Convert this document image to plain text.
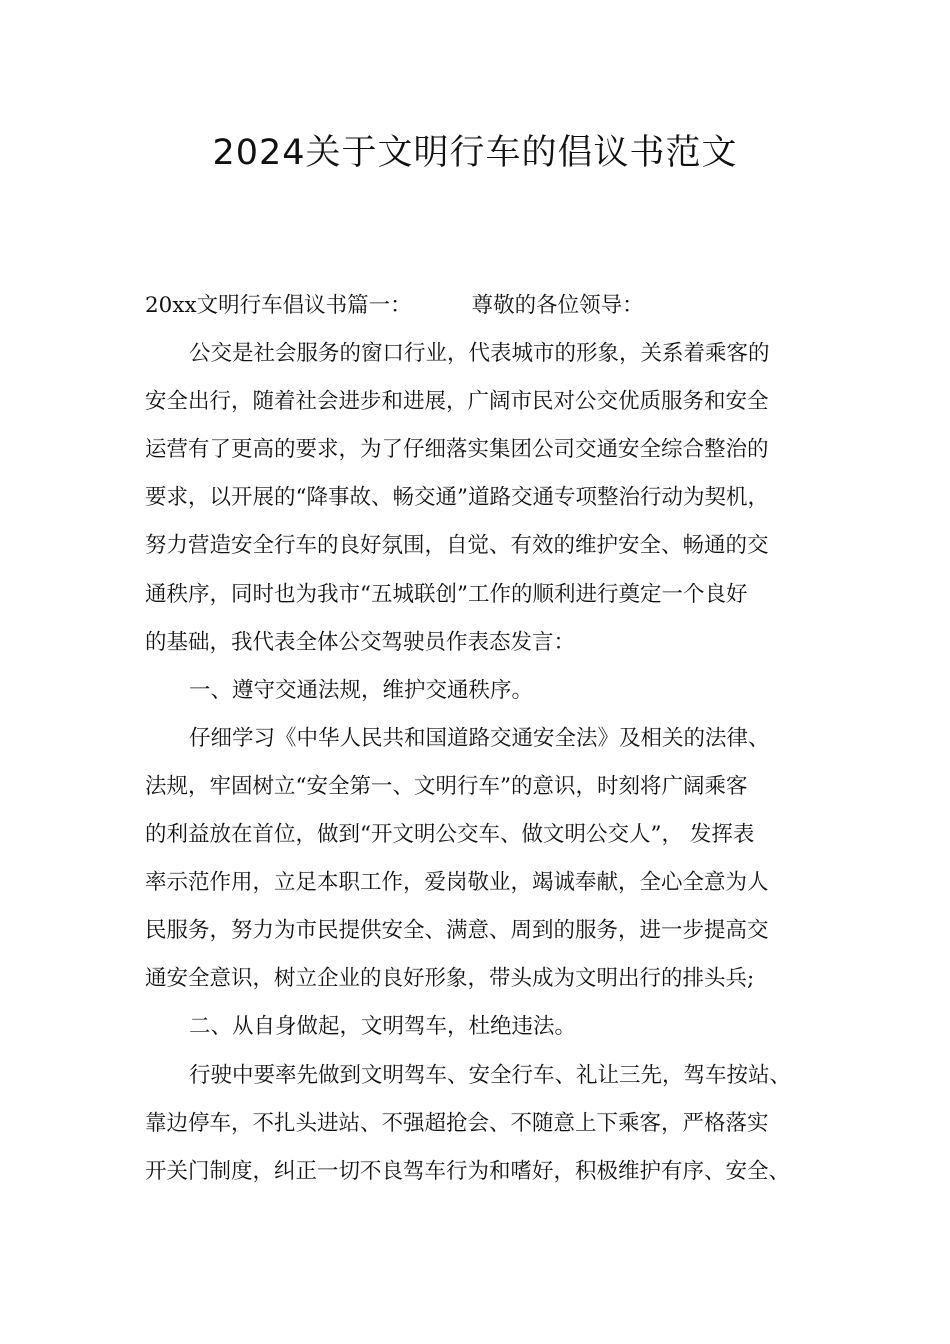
2024关于文明行车的倡议书范文
20xx文明行车倡议书篇一：	尊敬的各位领导：
公交是社会服务的窗口行业，代表城市的形象，关系着乘客的
安全出行，随着社会进步和进展，广阔市民对公交优质服务和安全
运营有了更高的要求，为了仔细落实集团公司交通安全综合整治的
要求，以开展的“降事故、畅交通”道路交通专项整治行动为契机，
努力营造安全行车的良好氛围，自觉、有效的维护安全、畅通的交
通秩序，同时也为我市“五城联创”工作的顺利进行奠定一个良好
的基础，我代表全体公交驾驶员作表态发言：
一、遵守交通法规，维护交通秩序。
仔细学习《中华人民共和国道路交通安全法》及相关的法律、
法规，牢固树立“安全第一、文明行车”的意识，时刻将广阔乘客
的利益放在首位，做到“开文明公交车、做文明公交人”， 发挥表
率示范作用，立足本职工作，爱岗敬业，竭诚奉献，全心全意为人
民服务，努力为市民提供安全、满意、周到的服务，进一步提高交
通安全意识，树立企业的良好形象，带头成为文明出行的排头兵;
二、从自身做起，文明驾车，杜绝违法。
行驶中要率先做到文明驾车、安全行车、礼让三先，驾车按站、
靠边停车，不扎头进站、不强超抢会、不随意上下乘客，严格落实
开关门制度，纠正一切不良驾车行为和嗜好，积极维护有序、安全、
